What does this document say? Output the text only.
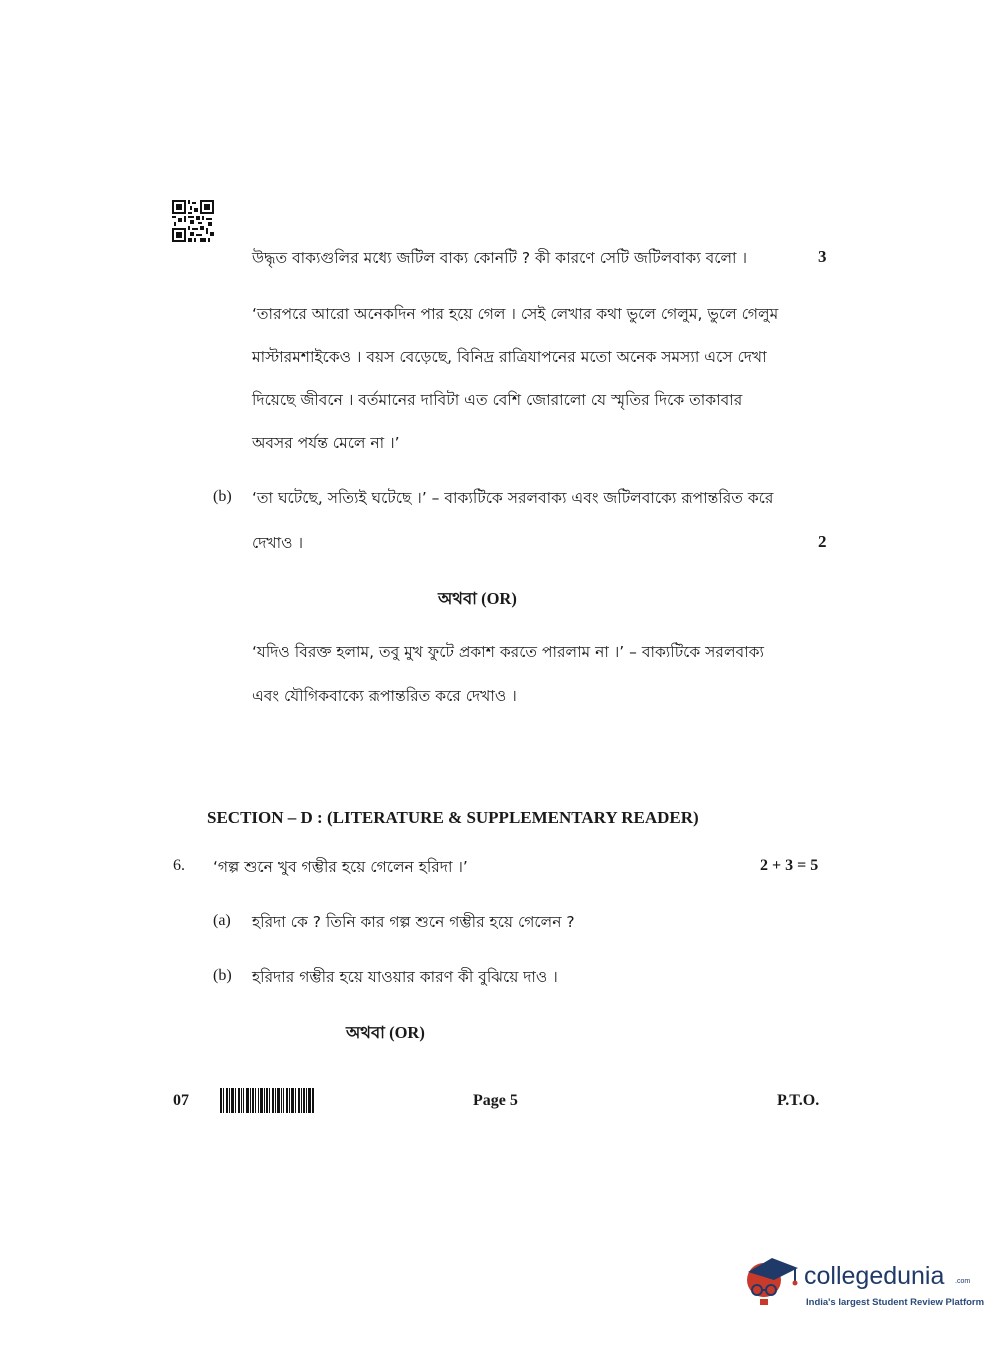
উদ্ধৃত বাক্যগুলির মধ্যে জটিল বাক্য কোনটি ? কী কারণে সেটি জটিলবাক্য বলো ।	3
‘তারপরে আরো অনেকদিন পার হয়ে গেল । সেই লেখার কথা ভুলে গেলুম, ভুলে গেলুম
মাস্টারমশাইকেও । বয়স বেড়েছে, বিনিদ্র রাত্রিযাপনের মতো অনেক সমস্যা এসে দেখা
দিয়েছে জীবনে । বর্তমানের দাবিটা এত বেশি জোরালো যে স্মৃতির দিকে তাকাবার
অবসর পর্যন্ত মেলে না ।’
(b) ‘তা ঘটেছে, সত্যিই ঘটেছে ।’ – বাক্যটিকে সরলবাক্য এবং জটিলবাক্যে রূপান্তরিত করে
দেখাও ।	2
অথবা (OR)
‘যদিও বিরক্ত হলাম, তবু মুখ ফুটে প্রকাশ করতে পারলাম না ।’ – বাক্যটিকে সরলবাক্য
এবং যৌগিকবাক্যে রূপান্তরিত করে দেখাও ।
SECTION – D : (LITERATURE & SUPPLEMENTARY READER)
6. ‘গল্প শুনে খুব গম্ভীর হয়ে গেলেন হরিদা ।’	2 + 3 = 5
(a) হরিদা কে ? তিনি কার গল্প শুনে গম্ভীর হয়ে গেলেন ?
(b) হরিদার গম্ভীর হয়ে যাওয়ার কারণ কী বুঝিয়ে দাও ।
অথবা (OR)
07	Page 5	P.T.O.
collegedunia .com
India's largest Student Review Platform
